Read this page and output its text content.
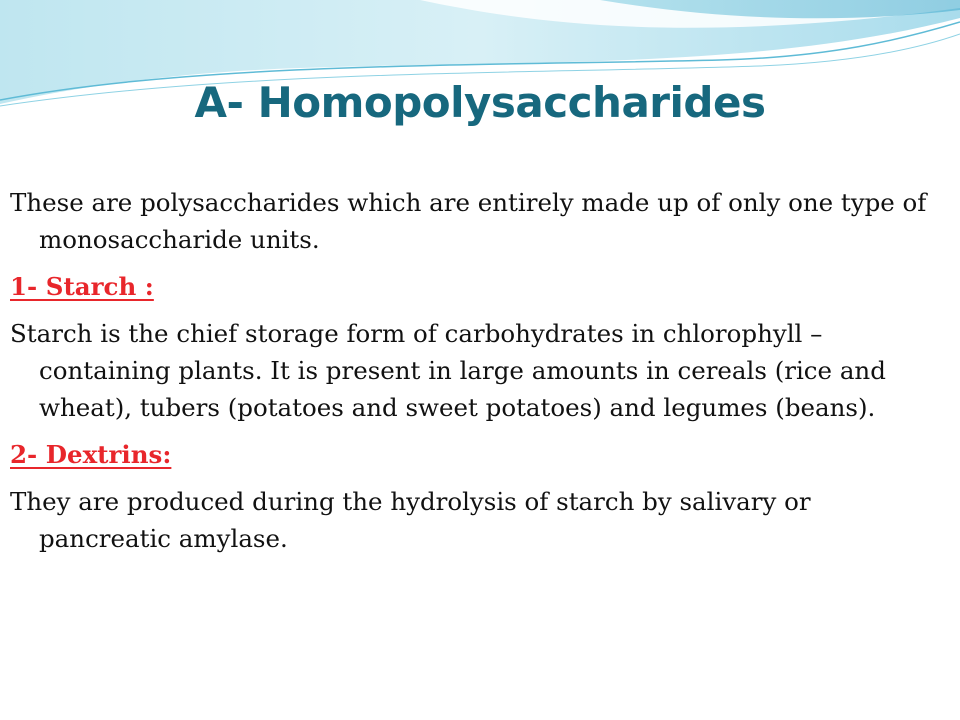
A- Homopolysaccharides

These are polysaccharides which are entirely made up of only one type of monosaccharide units.

1- Starch :

Starch is the chief storage form of carbohydrates in chlorophyll – containing plants. It is present in large amounts in cereals (rice and wheat), tubers (potatoes and sweet potatoes) and legumes (beans).

2- Dextrins:

They are produced during the hydrolysis of starch by salivary or pancreatic amylase.
